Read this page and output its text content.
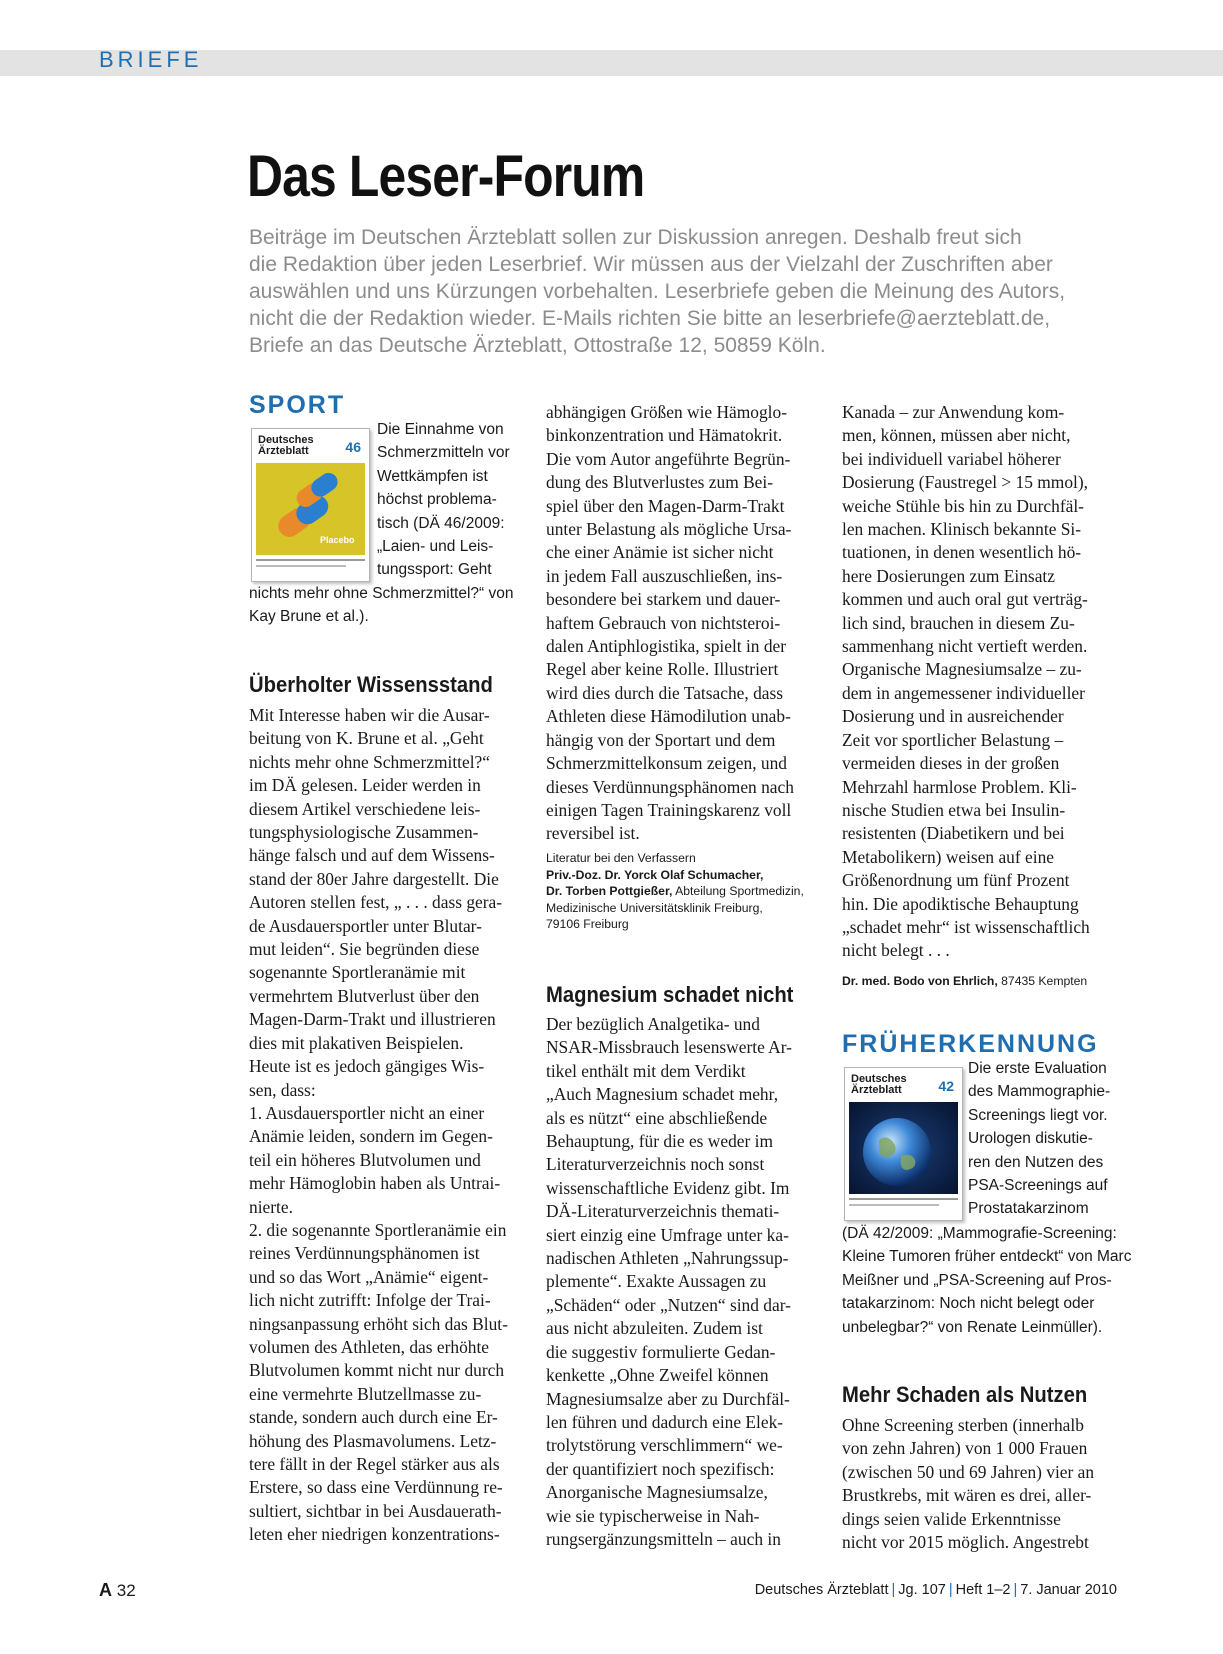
BRIEFE
Das Leser-Forum
Beiträge im Deutschen Ärzteblatt sollen zur Diskussion anregen. Deshalb freut sich
die Redaktion über jeden Leserbrief. Wir müssen aus der Vielzahl der Zuschriften aber
auswählen und uns Kürzungen vorbehalten. Leserbriefe geben die Meinung des Autors,
nicht die der Redaktion wieder. E-Mails richten Sie bitte an leserbriefe@aerzteblatt.de,
Briefe an das Deutsche Ärzteblatt, Ottostraße 12, 50859 Köln.
SPORT
Deutsches
Ärzteblatt	46
Placebo
Die Einnahme von
Schmerzmitteln vor
Wettkämpfen ist
höchst problema-
tisch (DÄ 46/2009:
„Laien- und Leis-
tungssport: Geht
nichts mehr ohne Schmerzmittel?“ von
Kay Brune et al.).
Überholter Wissensstand
Mit Interesse haben wir die Ausar-
beitung von K. Brune et al. „Geht
nichts mehr ohne Schmerzmittel?“
im DÄ gelesen. Leider werden in
diesem Artikel verschiedene leis-
tungsphysiologische Zusammen-
hänge falsch und auf dem Wissens-
stand der 80er Jahre dargestellt. Die
Autoren stellen fest, „ . . . dass gera-
de Ausdauersportler unter Blutar-
mut leiden“. Sie begründen diese
sogenannte Sportleranämie mit
vermehrtem Blutverlust über den
Magen-Darm-Trakt und illustrieren
dies mit plakativen Beispielen.
Heute ist es jedoch gängiges Wis-
sen, dass:
1. Ausdauersportler nicht an einer
Anämie leiden, sondern im Gegen-
teil ein höheres Blutvolumen und
mehr Hämoglobin haben als Untrai-
nierte.
2. die sogenannte Sportleranämie ein
reines Verdünnungsphänomen ist
und so das Wort „Anämie“ eigent-
lich nicht zutrifft: Infolge der Trai-
ningsanpassung erhöht sich das Blut-
volumen des Athleten, das erhöhte
Blutvolumen kommt nicht nur durch
eine vermehrte Blutzellmasse zu-
stande, sondern auch durch eine Er-
höhung des Plasmavolumens. Letz-
tere fällt in der Regel stärker aus als
Erstere, so dass eine Verdünnung re-
sultiert, sichtbar in bei Ausdauerath-
leten eher niedrigen konzentrations-
abhängigen Größen wie Hämoglo-
binkonzentration und Hämatokrit.
Die vom Autor angeführte Begrün-
dung des Blutverlustes zum Bei-
spiel über den Magen-Darm-Trakt
unter Belastung als mögliche Ursa-
che einer Anämie ist sicher nicht
in jedem Fall auszuschließen, ins-
besondere bei starkem und dauer-
haftem Gebrauch von nichtsteroi-
dalen Antiphlogistika, spielt in der
Regel aber keine Rolle. Illustriert
wird dies durch die Tatsache, dass
Athleten diese Hämodilution unab-
hängig von der Sportart und dem
Schmerzmittelkonsum zeigen, und
dieses Verdünnungsphänomen nach
einigen Tagen Trainingskarenz voll
reversibel ist.
Literatur bei den Verfassern
Priv.-Doz. Dr. Yorck Olaf Schumacher,
Dr. Torben Pottgießer, Abteilung Sportmedizin,
Medizinische Universitätsklinik Freiburg,
79106 Freiburg
Magnesium schadet nicht
Der bezüglich Analgetika- und
NSAR-Missbrauch lesenswerte Ar-
tikel enthält mit dem Verdikt
„Auch Magnesium schadet mehr,
als es nützt“ eine abschließende
Behauptung, für die es weder im
Literaturverzeichnis noch sonst
wissenschaftliche Evidenz gibt. Im
DÄ-Literaturverzeichnis themati-
siert einzig eine Umfrage unter ka-
nadischen Athleten „Nahrungssup-
plemente“. Exakte Aussagen zu
„Schäden“ oder „Nutzen“ sind dar-
aus nicht abzuleiten. Zudem ist
die suggestiv formulierte Gedan-
kenkette „Ohne Zweifel können
Magnesiumsalze aber zu Durchfäl-
len führen und dadurch eine Elek-
trolytstörung verschlimmern“ we-
der quantifiziert noch spezifisch:
Anorganische Magnesiumsalze,
wie sie typischerweise in Nah-
rungsergänzungsmitteln – auch in
Kanada – zur Anwendung kom-
men, können, müssen aber nicht,
bei individuell variabel höherer
Dosierung (Faustregel > 15 mmol),
weiche Stühle bis hin zu Durchfäl-
len machen. Klinisch bekannte Si-
tuationen, in denen wesentlich hö-
here Dosierungen zum Einsatz
kommen und auch oral gut verträg-
lich sind, brauchen in diesem Zu-
sammenhang nicht vertieft werden.
Organische Magnesiumsalze – zu-
dem in angemessener individueller
Dosierung und in ausreichender
Zeit vor sportlicher Belastung –
vermeiden dieses in der großen
Mehrzahl harmlose Problem. Kli-
nische Studien etwa bei Insulin-
resistenten (Diabetikern und bei
Metabolikern) weisen auf eine
Größenordnung um fünf Prozent
hin. Die apodiktische Behauptung
„schadet mehr“ ist wissenschaftlich
nicht belegt . . .
Dr. med. Bodo von Ehrlich, 87435 Kempten
FRÜHERKENNUNG
Deutsches
Ärzteblatt	42
Die erste Evaluation
des Mammographie-
Screenings liegt vor.
Urologen diskutie-
ren den Nutzen des
PSA-Screenings auf
Prostatakarzinom
(DÄ 42/2009: „Mammografie-Screening:
Kleine Tumoren früher entdeckt“ von Marc
Meißner und „PSA-Screening auf Pros-
tatakarzinom: Noch nicht belegt oder
unbelegbar?“ von Renate Leinmüller).
Mehr Schaden als Nutzen
Ohne Screening sterben (innerhalb
von zehn Jahren) von 1 000 Frauen
(zwischen 50 und 69 Jahren) vier an
Brustkrebs, mit wären es drei, aller-
dings seien valide Erkenntnisse
nicht vor 2015 möglich. Angestrebt
A 32	Deutsches Ärzteblatt | Jg. 107 | Heft 1–2 | 7. Januar 2010
